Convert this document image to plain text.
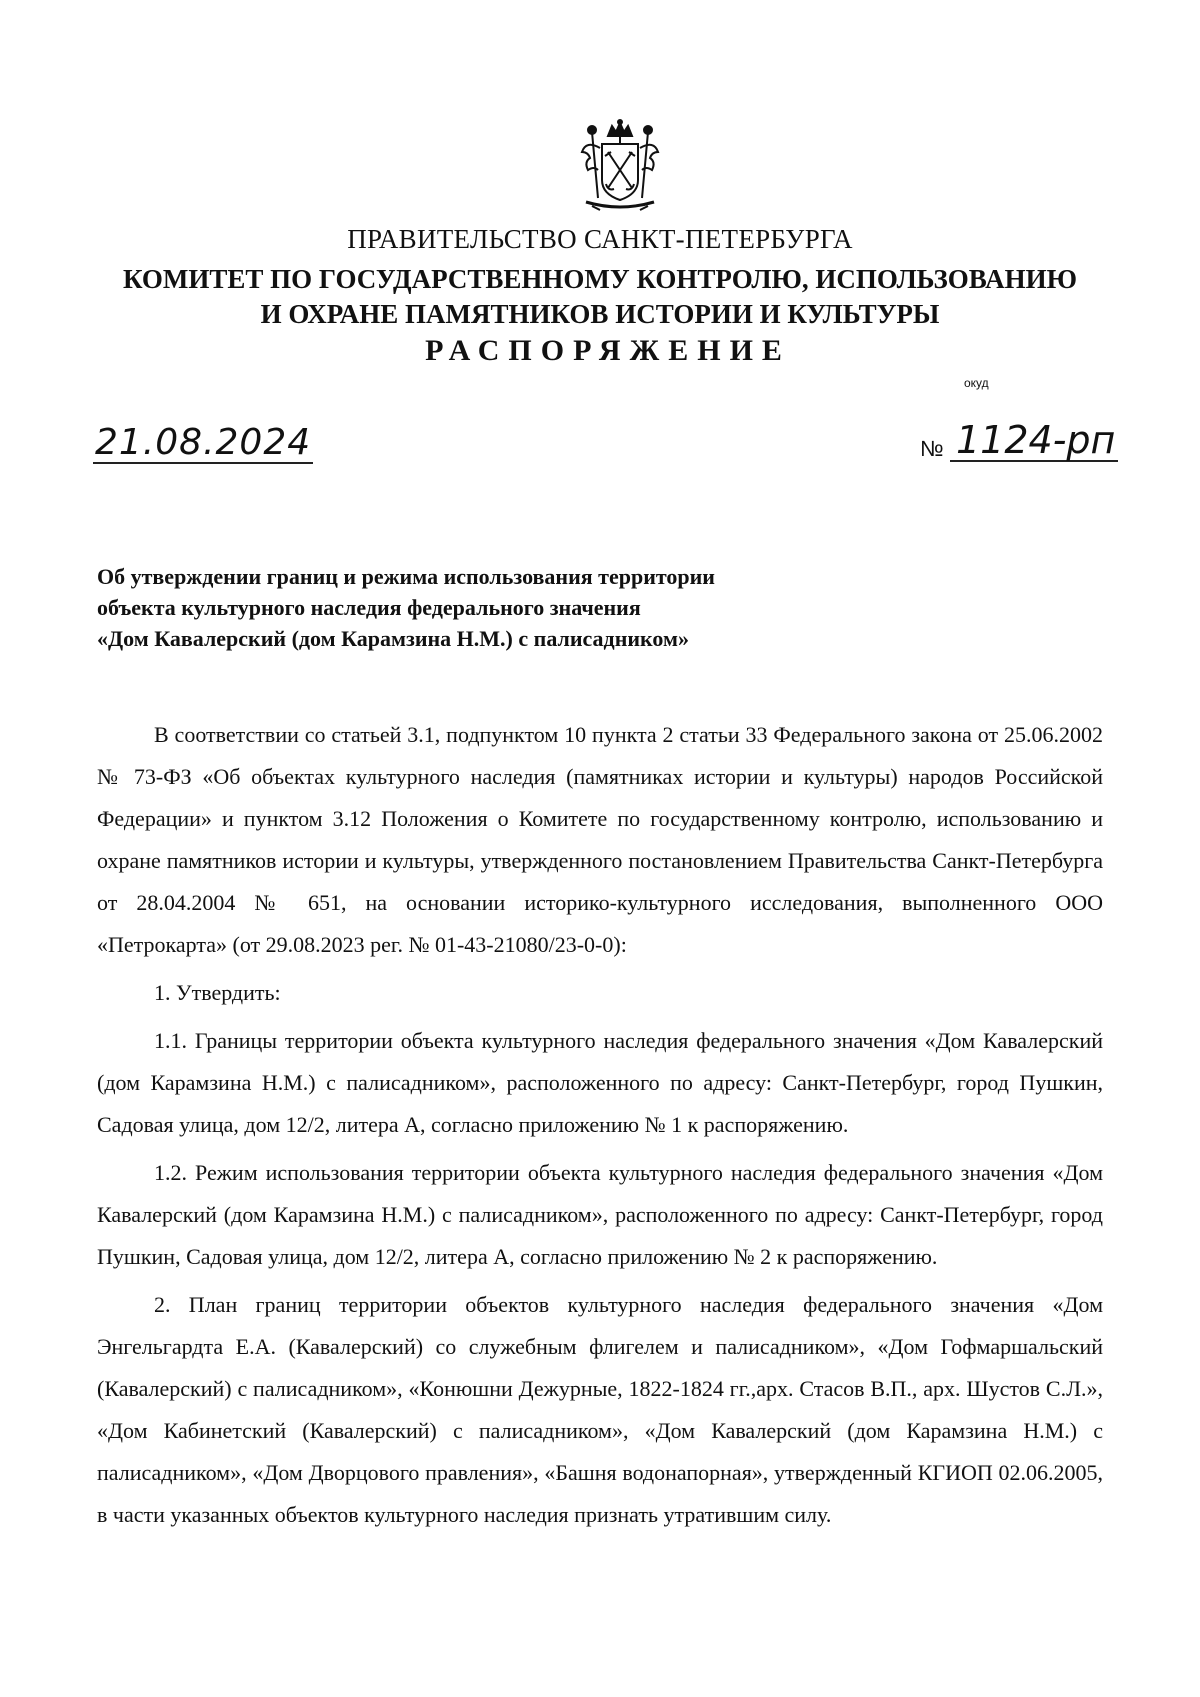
ПРАВИТЕЛЬСТВО САНКТ-ПЕТЕРБУРГА
КОМИТЕТ ПО ГОСУДАРСТВЕННОМУ КОНТРОЛЮ, ИСПОЛЬЗОВАНИЮ
И ОХРАНЕ ПАМЯТНИКОВ ИСТОРИИ И КУЛЬТУРЫ
РАСПОРЯЖЕНИЕ
окуд
21.08.2024	№ 1124-рп
Об утверждении границ и режима использования территории
объекта культурного наследия федерального значения
«Дом Кавалерский (дом Карамзина Н.М.) с палисадником»

В соответствии со статьей 3.1, подпунктом 10 пункта 2 статьи 33 Федерального закона от 25.06.2002 № 73-ФЗ «Об объектах культурного наследия (памятниках истории и культуры) народов Российской Федерации» и пунктом 3.12 Положения о Комитете по государственному контролю, использованию и охране памятников истории и культуры, утвержденного постановлением Правительства Санкт-Петербурга от 28.04.2004 № 651, на основании историко-культурного исследования, выполненного ООО «Петрокарта» (от 29.08.2023 рег. № 01-43-21080/23-0-0):

1. Утвердить:

1.1. Границы территории объекта культурного наследия федерального значения «Дом Кавалерский (дом Карамзина Н.М.) с палисадником», расположенного по адресу: Санкт-Петербург, город Пушкин, Садовая улица, дом 12/2, литера А, согласно приложению № 1 к распоряжению.

1.2. Режим использования территории объекта культурного наследия федерального значения «Дом Кавалерский (дом Карамзина Н.М.) с палисадником», расположенного по адресу: Санкт-Петербург, город Пушкин, Садовая улица, дом 12/2, литера А, согласно приложению № 2 к распоряжению.

2. План границ территории объектов культурного наследия федерального значения «Дом Энгельгардта Е.А. (Кавалерский) со служебным флигелем и палисадником», «Дом Гофмаршальский (Кавалерский) с палисадником», «Конюшни Дежурные, 1822-1824 гг.,арх. Стасов В.П., арх. Шустов С.Л.», «Дом Кабинетский (Кавалерский) с палисадником», «Дом Кавалерский (дом Карамзина Н.М.) с палисадником», «Дом Дворцового правления», «Башня водонапорная», утвержденный КГИОП 02.06.2005, в части указанных объектов культурного наследия признать утратившим силу.
